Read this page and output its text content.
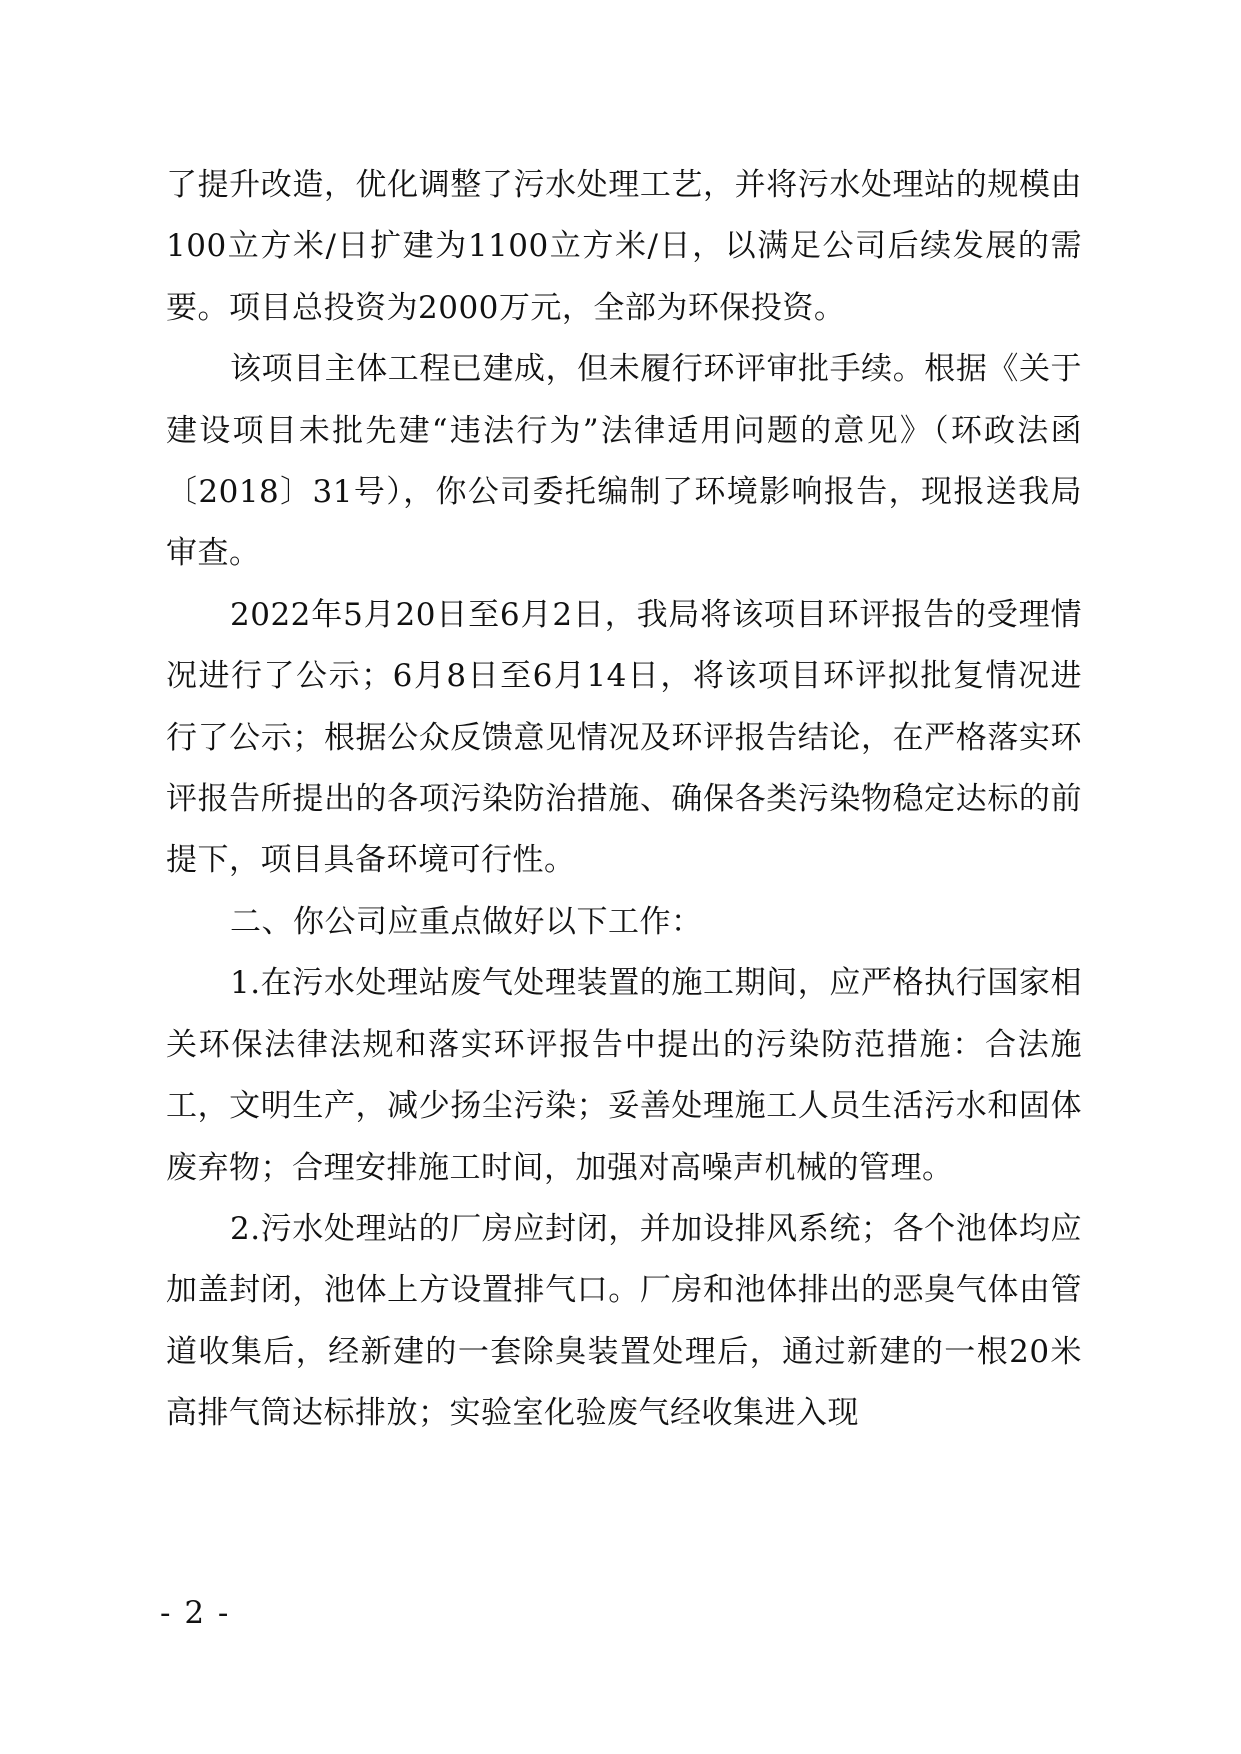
了提升改造，优化调整了污水处理工艺，并将污水处理站的规模由100立方米/日扩建为1100立方米/日，以满足公司后续发展的需要。项目总投资为2000万元，全部为环保投资。

该项目主体工程已建成，但未履行环评审批手续。根据《关于建设项目未批先建“违法行为”法律适用问题的意见》（环政法函〔2018〕31号），你公司委托编制了环境影响报告，现报送我局审查。

2022年5月20日至6月2日，我局将该项目环评报告的受理情况进行了公示；6月8日至6月14日，将该项目环评拟批复情况进行了公示；根据公众反馈意见情况及环评报告结论，在严格落实环评报告所提出的各项污染防治措施、确保各类污染物稳定达标的前提下，项目具备环境可行性。

二、你公司应重点做好以下工作：

1.在污水处理站废气处理装置的施工期间，应严格执行国家相关环保法律法规和落实环评报告中提出的污染防范措施：合法施工，文明生产，减少扬尘污染；妥善处理施工人员生活污水和固体废弃物；合理安排施工时间，加强对高噪声机械的管理。

2.污水处理站的厂房应封闭，并加设排风系统；各个池体均应加盖封闭，池体上方设置排气口。厂房和池体排出的恶臭气体由管道收集后，经新建的一套除臭装置处理后，通过新建的一根20米高排气筒达标排放；实验室化验废气经收集进入现

- 2 -
